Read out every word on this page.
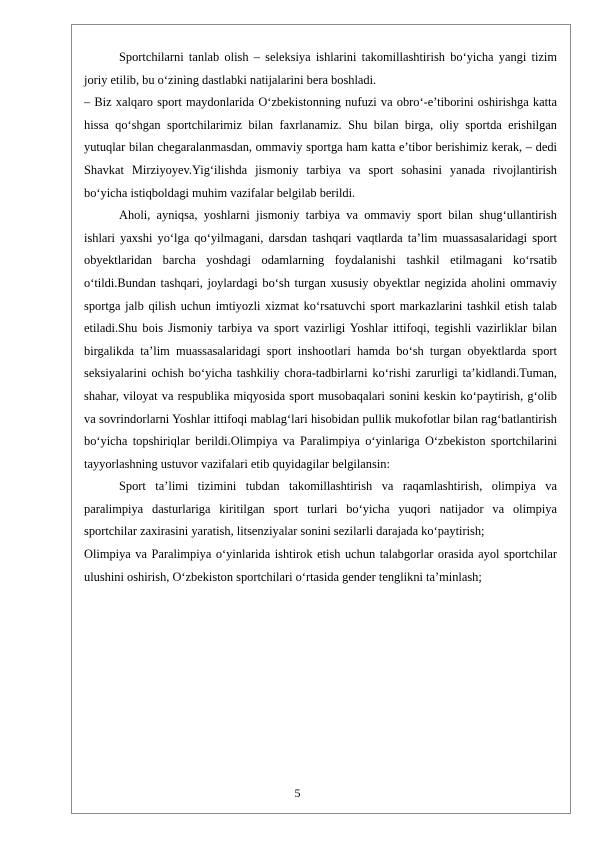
Sportchilarni tanlab olish – seleksiya ishlarini takomillashtirish bo‘yicha yangi tizim joriy etilib, bu o‘zining dastlabki natijalarini bera boshladi.

– Biz xalqaro sport maydonlarida O‘zbekistonning nufuzi va obro‘-e’tiborini oshirishga katta hissa qo‘shgan sportchilarimiz bilan faxrlanamiz. Shu bilan birga, oliy sportda erishilgan yutuqlar bilan chegaralanmasdan, ommaviy sportga ham katta e’tibor berishimiz kerak, – dedi Shavkat Mirziyoyev.Yig‘ilishda jismoniy tarbiya va sport sohasini yanada rivojlantirish bo‘yicha istiqboldagi muhim vazifalar belgilab berildi.

Aholi, ayniqsa, yoshlarni jismoniy tarbiya va ommaviy sport bilan shug‘ullantirish ishlari yaxshi yo‘lga qo‘yilmagani, darsdan tashqari vaqtlarda ta’lim muassasalaridagi sport obyektlaridan barcha yoshdagi odamlarning foydalanishi tashkil etilmagani ko‘rsatib o‘tildi.Bundan tashqari, joylardagi bo‘sh turgan xususiy obyektlar negizida aholini ommaviy sportga jalb qilish uchun imtiyozli xizmat ko‘rsatuvchi sport markazlarini tashkil etish talab etiladi.Shu bois Jismoniy tarbiya va sport vazirligi Yoshlar ittifoqi, tegishli vazirliklar bilan birgalikda ta’lim muassasalaridagi sport inshootlari hamda bo‘sh turgan obyektlarda sport seksiyalarini ochish bo‘yicha tashkiliy chora-tadbirlarni ko‘rishi zarurligi ta’kidlandi.Tuman, shahar, viloyat va respublika miqyosida sport musobaqalari sonini keskin ko‘paytirish, g‘olib va sovrindorlarni Yoshlar ittifoqi mablag‘lari hisobidan pullik mukofotlar bilan rag‘batlantirish bo‘yicha topshiriqlar berildi.Olimpiya va Paralimpiya o‘yinlariga O‘zbekiston sportchilarini tayyorlashning ustuvor vazifalari etib quyidagilar belgilansin:

Sport ta’limi tizimini tubdan takomillashtirish va raqamlashtirish, olimpiya va paralimpiya dasturlariga kiritilgan sport turlari bo‘yicha yuqori natijador va olimpiya sportchilar zaxirasini yaratish, litsenziyalar sonini sezilarli darajada ko‘paytirish;

Olimpiya va Paralimpiya o‘yinlarida ishtirok etish uchun talabgorlar orasida ayol sportchilar ulushini oshirish, O‘zbekiston sportchilari o‘rtasida gender tenglikni ta’minlash;

5
